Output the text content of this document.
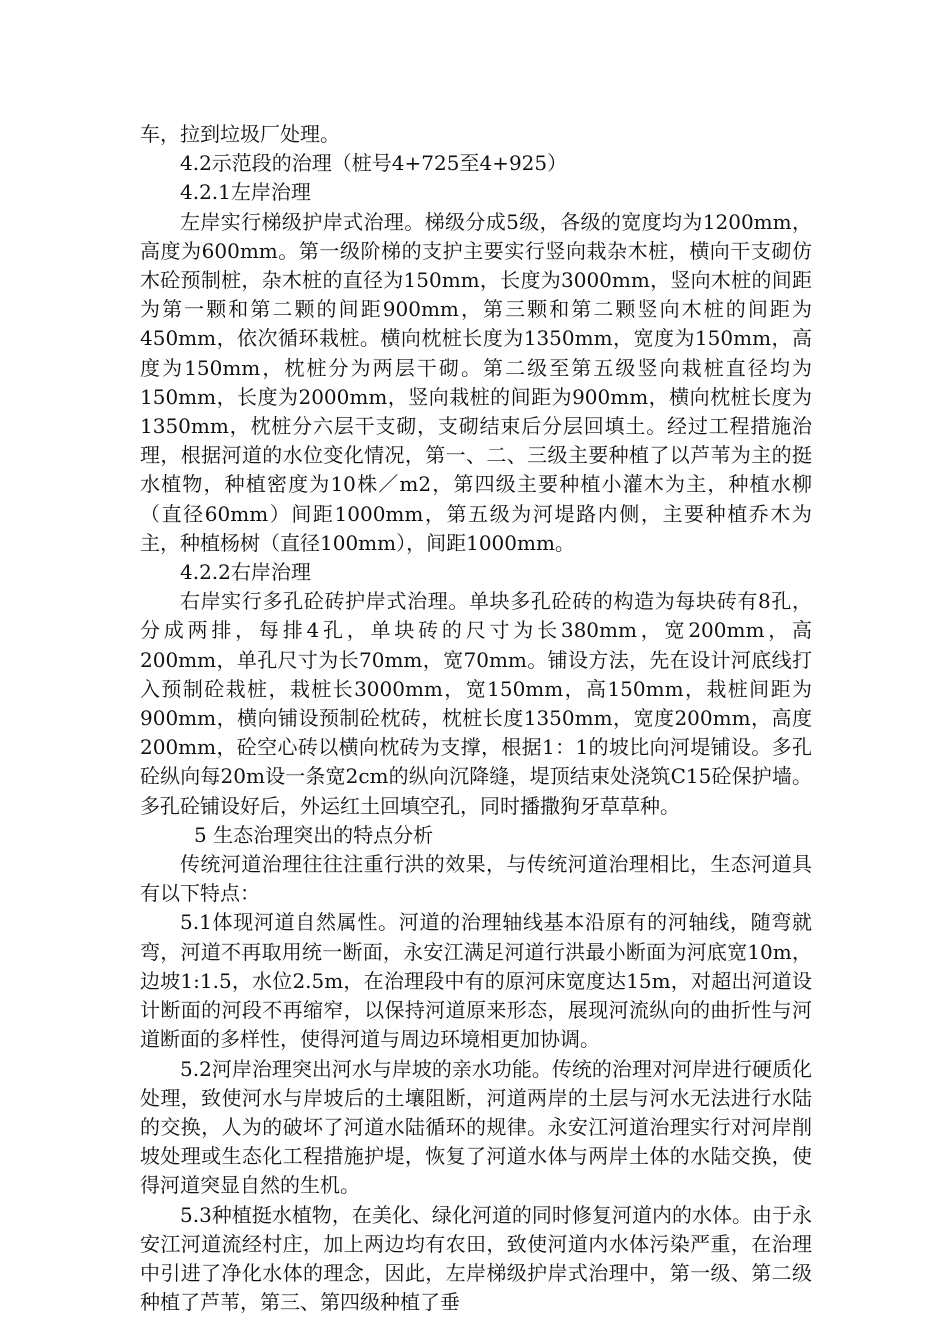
车，拉到垃圾厂处理。

4.2示范段的治理（桩号4+725至4+925）

4.2.1左岸治理

左岸实行梯级护岸式治理。梯级分成5级，各级的宽度均为1200mm，高度为600mm。第一级阶梯的支护主要实行竖向栽杂木桩，横向干支砌仿木砼预制桩，杂木桩的直径为150mm，长度为3000mm，竖向木桩的间距为第一颗和第二颗的间距900mm，第三颗和第二颗竖向木桩的间距为450mm，依次循环栽桩。横向枕桩长度为1350mm，宽度为150mm，高度为150mm，枕桩分为两层干砌。第二级至第五级竖向栽桩直径均为150mm，长度为2000mm，竖向栽桩的间距为900mm，横向枕桩长度为1350mm，枕桩分六层干支砌，支砌结束后分层回填土。经过工程措施治理，根据河道的水位变化情况，第一、二、三级主要种植了以芦苇为主的挺水植物，种植密度为10株／m2，第四级主要种植小灌木为主，种植水柳（直径60mm）间距1000mm，第五级为河堤路内侧，主要种植乔木为主，种植杨树（直径100mm），间距1000mm。

4.2.2右岸治理

右岸实行多孔砼砖护岸式治理。单块多孔砼砖的构造为每块砖有8孔，分成两排，每排4孔，单块砖的尺寸为长380mm，宽200mm，高200mm，单孔尺寸为长70mm，宽70mm。铺设方法，先在设计河底线打入预制砼栽桩，栽桩长3000mm，宽150mm，高150mm，栽桩间距为900mm，横向铺设预制砼枕砖，枕桩长度1350mm，宽度200mm，高度200mm，砼空心砖以横向枕砖为支撑，根据1：1的坡比向河堤铺设。多孔砼纵向每20m设一条宽2cm的纵向沉降缝，堤顶结束处浇筑C15砼保护墙。多孔砼铺设好后，外运红土回填空孔，同时播撒狗牙草草种。

5 生态治理突出的特点分析

传统河道治理往往注重行洪的效果，与传统河道治理相比，生态河道具有以下特点：

5.1体现河道自然属性。河道的治理轴线基本沿原有的河轴线，随弯就弯，河道不再取用统一断面，永安江满足河道行洪最小断面为河底宽10m，边坡1:1.5，水位2.5m，在治理段中有的原河床宽度达15m，对超出河道设计断面的河段不再缩窄，以保持河道原来形态，展现河流纵向的曲折性与河道断面的多样性，使得河道与周边环境相更加协调。

5.2河岸治理突出河水与岸坡的亲水功能。传统的治理对河岸进行硬质化处理，致使河水与岸坡后的土壤阻断，河道两岸的土层与河水无法进行水陆的交换，人为的破坏了河道水陆循环的规律。永安江河道治理实行对河岸削坡处理或生态化工程措施护堤，恢复了河道水体与两岸土体的水陆交换，使得河道突显自然的生机。

5.3种植挺水植物，在美化、绿化河道的同时修复河道内的水体。由于永安江河道流经村庄，加上两边均有农田，致使河道内水体污染严重，在治理中引进了净化水体的理念，因此，左岸梯级护岸式治理中，第一级、第二级种植了芦苇，第三、第四级种植了垂
